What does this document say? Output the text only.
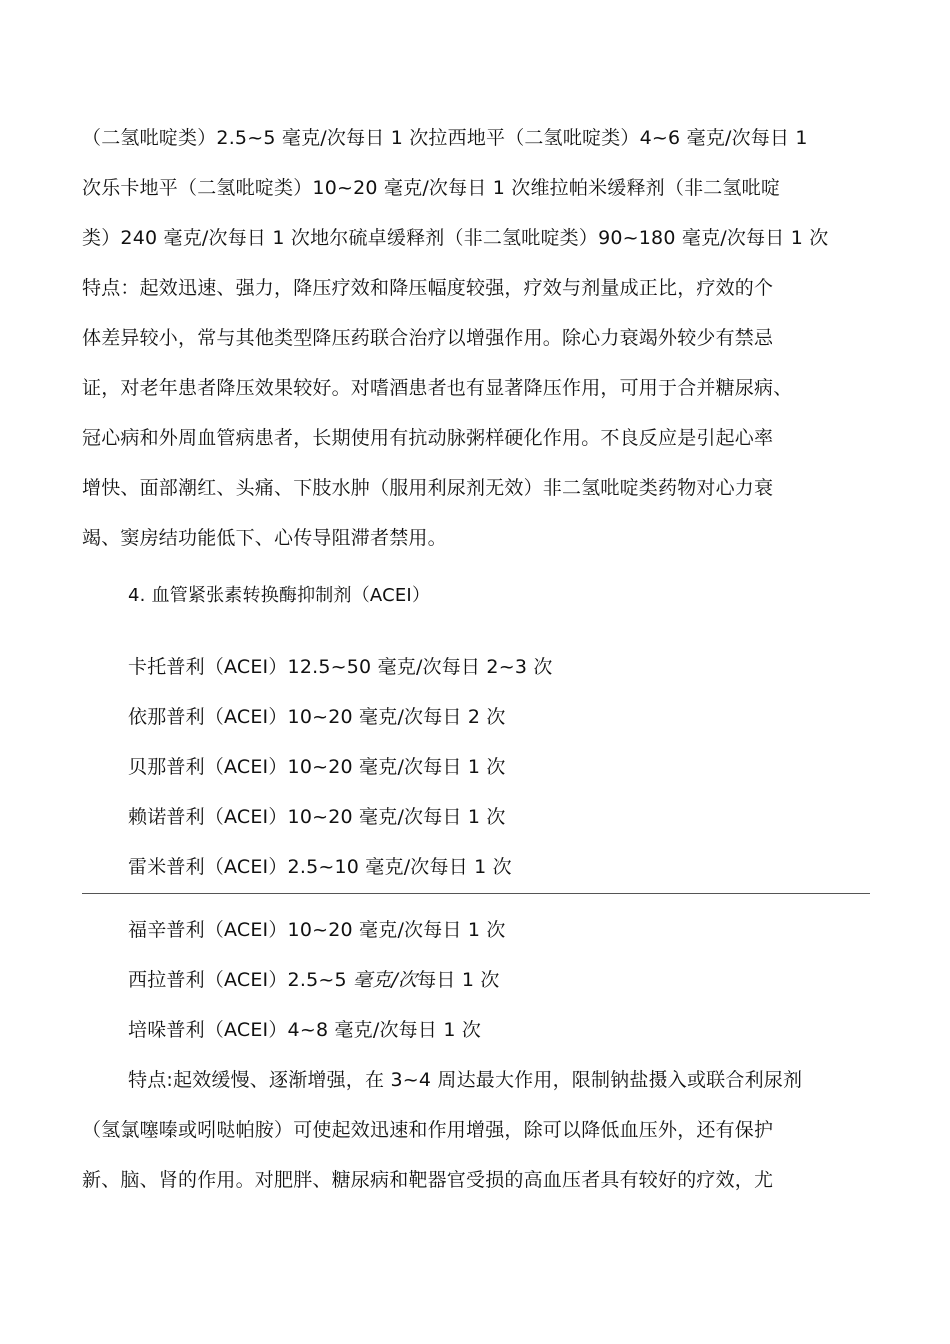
（二氢吡啶类）2.5~5 毫克/次每日 1 次拉西地平（二氢吡啶类）4~6 毫克/次每日 1
次乐卡地平（二氢吡啶类）10~20 毫克/次每日 1 次维拉帕米缓释剂（非二氢吡啶
类）240 毫克/次每日 1 次地尔硫卓缓释剂（非二氢吡啶类）90~180 毫克/次每日 1 次
特点：起效迅速、强力，降压疗效和降压幅度较强，疗效与剂量成正比，疗效的个
体差异较小，常与其他类型降压药联合治疗以增强作用。除心力衰竭外较少有禁忌
证，对老年患者降压效果较好。对嗜酒患者也有显著降压作用，可用于合并糖尿病、
冠心病和外周血管病患者，长期使用有抗动脉粥样硬化作用。不良反应是引起心率
增快、面部潮红、头痛、下肢水肿（服用利尿剂无效）非二氢吡啶类药物对心力衰
竭、窦房结功能低下、心传导阻滞者禁用。
4. 血管紧张素转换酶抑制剂（ACEI）
卡托普利（ACEI）12.5~50 毫克/次每日 2~3 次
依那普利（ACEI）10~20 毫克/次每日 2 次
贝那普利（ACEI）10~20 毫克/次每日 1 次
赖诺普利（ACEI）10~20 毫克/次每日 1 次
雷米普利（ACEI）2.5~10 毫克/次每日 1 次
福辛普利（ACEI）10~20 毫克/次每日 1 次
西拉普利（ACEI）2.5~5 毫克/次每日 1 次
培哚普利（ACEI）4~8 毫克/次每日 1 次
特点:起效缓慢、逐渐增强，在 3~4 周达最大作用，限制钠盐摄入或联合利尿剂
（氢氯噻嗪或吲哒帕胺）可使起效迅速和作用增强，除可以降低血压外，还有保护
新、脑、肾的作用。对肥胖、糖尿病和靶器官受损的高血压者具有较好的疗效，尤
